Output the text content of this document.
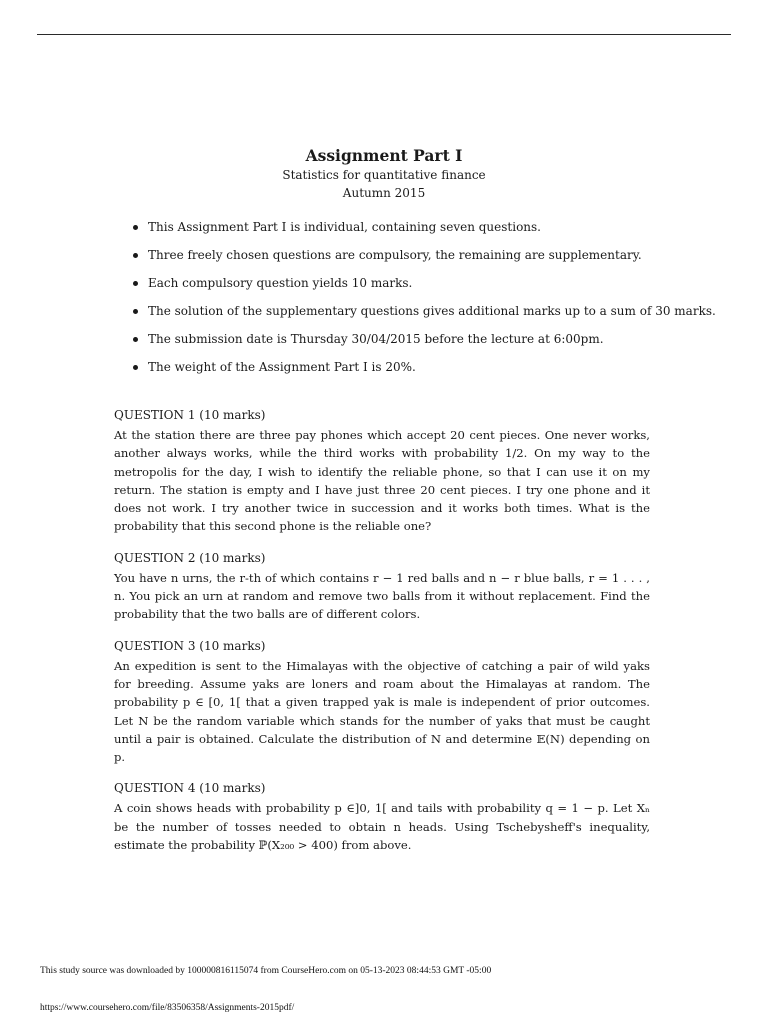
Assignment Part I
Statistics for quantitative finance
Autumn 2015
This Assignment Part I is individual, containing seven questions.
Three freely chosen questions are compulsory, the remaining are supplementary.
Each compulsory question yields 10 marks.
The solution of the supplementary questions gives additional marks up to a sum of 30 marks.
The submission date is Thursday 30/04/2015 before the lecture at 6:00pm.
The weight of the Assignment Part I is 20%.
QUESTION 1 (10 marks)
At the station there are three pay phones which accept 20 cent pieces. One never works, another always works, while the third works with probability 1/2. On my way to the metropolis for the day, I wish to identify the reliable phone, so that I can use it on my return. The station is empty and I have just three 20 cent pieces. I try one phone and it does not work. I try another twice in succession and it works both times. What is the probability that this second phone is the reliable one?
QUESTION 2 (10 marks)
You have n urns, the r-th of which contains r − 1 red balls and n − r blue balls, r = 1 . . . , n. You pick an urn at random and remove two balls from it without replacement. Find the probability that the two balls are of different colors.
QUESTION 3 (10 marks)
An expedition is sent to the Himalayas with the objective of catching a pair of wild yaks for breeding. Assume yaks are loners and roam about the Himalayas at random. The probability p ∈ [0, 1[ that a given trapped yak is male is independent of prior outcomes. Let N be the random variable which stands for the number of yaks that must be caught until a pair is obtained. Calculate the distribution of N and determine 𝔼(N) depending on p.
QUESTION 4 (10 marks)
A coin shows heads with probability p ∈]0, 1[ and tails with probability q = 1 − p. Let Xₙ be the number of tosses needed to obtain n heads. Using Tschebysheff's inequality, estimate the probability ℙ(X₂₀₀ > 400) from above.
This study source was downloaded by 100000816115074 from CourseHero.com on 05-13-2023 08:44:53 GMT -05:00
https://www.coursehero.com/file/83506358/Assignments-2015pdf/
